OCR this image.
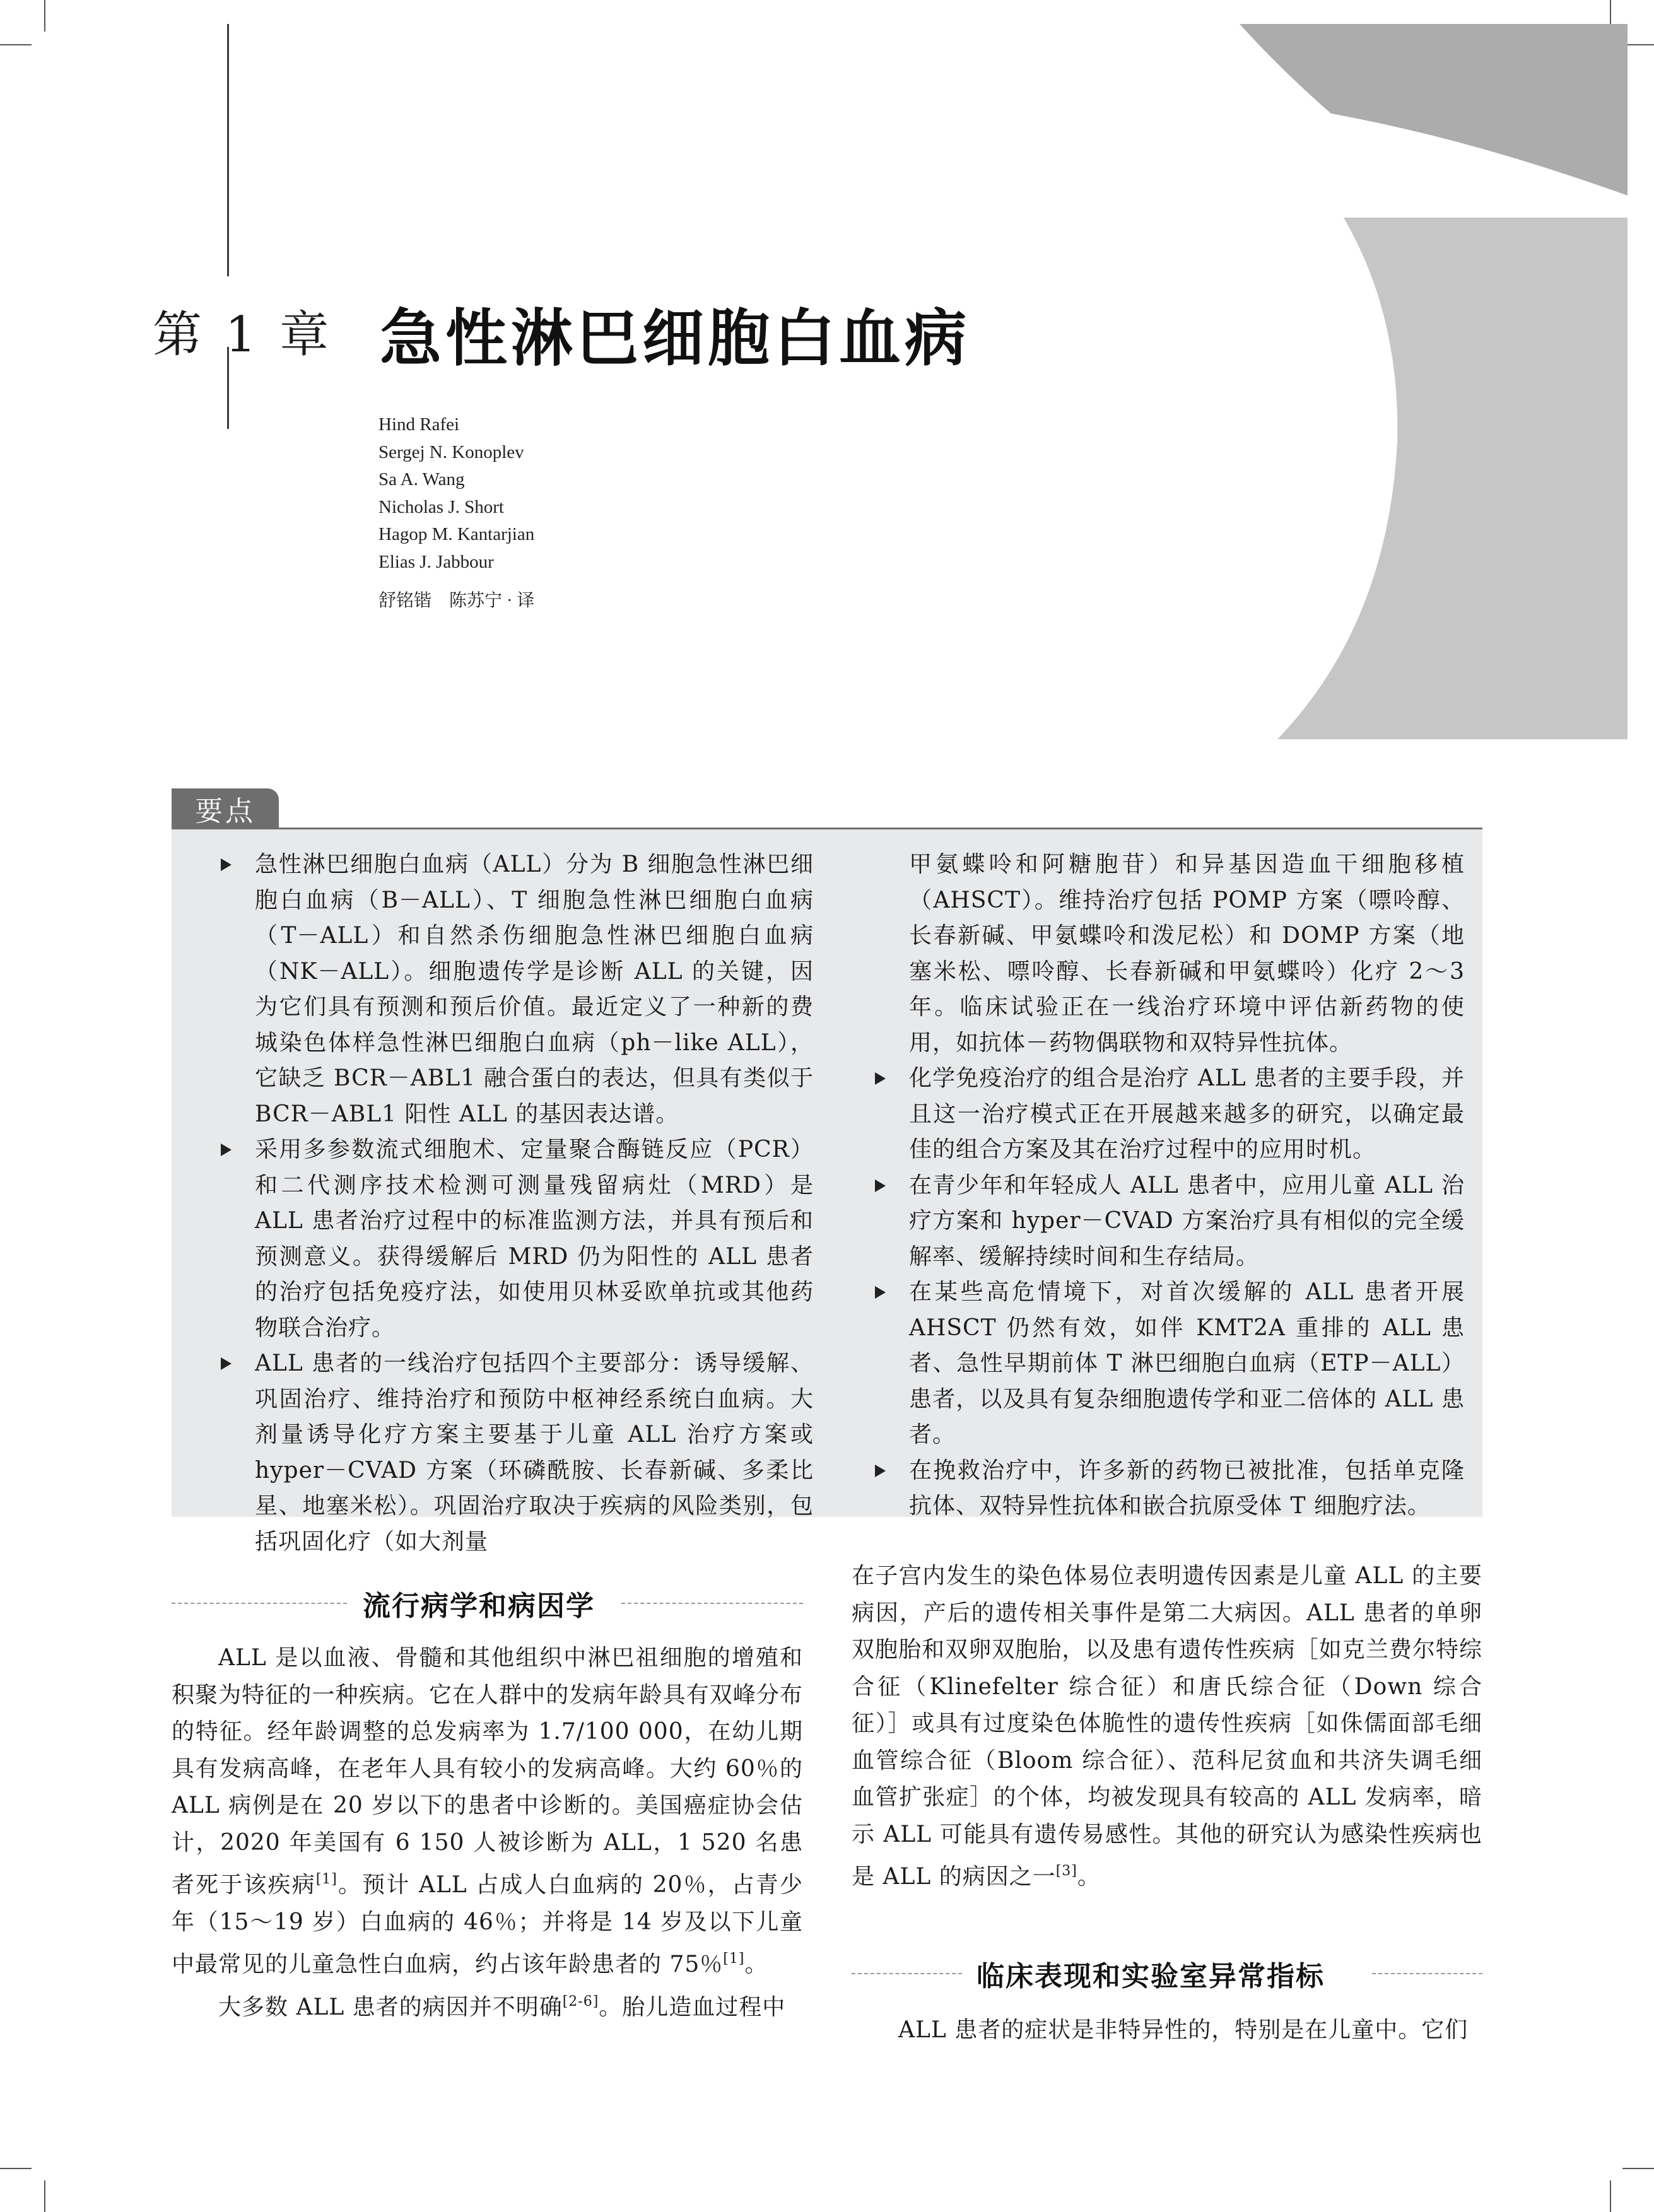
第 1 章 急性淋巴细胞白血病
Hind Rafei
Sergej N. Konoplev
Sa A. Wang
Nicholas J. Short
Hagop M. Kantarjian
Elias J. Jabbour
舒铭锴　陈苏宁 · 译
要点
急性淋巴细胞白血病（ALL）分为 B 细胞急性淋巴细胞白血病（B－ALL）、T 细胞急性淋巴细胞白血病（T－ALL）和自然杀伤细胞急性淋巴细胞白血病（NK－ALL）。细胞遗传学是诊断 ALL 的关键，因为它们具有预测和预后价值。最近定义了一种新的费城染色体样急性淋巴细胞白血病（ph－like ALL），它缺乏 BCR－ABL1 融合蛋白的表达，但具有类似于 BCR－ABL1 阳性 ALL 的基因表达谱。
采用多参数流式细胞术、定量聚合酶链反应（PCR）和二代测序技术检测可测量残留病灶（MRD）是 ALL 患者治疗过程中的标准监测方法，并具有预后和预测意义。获得缓解后 MRD 仍为阳性的 ALL 患者的治疗包括免疫疗法，如使用贝林妥欧单抗或其他药物联合治疗。
ALL 患者的一线治疗包括四个主要部分：诱导缓解、巩固治疗、维持治疗和预防中枢神经系统白血病。大剂量诱导化疗方案主要基于儿童 ALL 治疗方案或 hyper－CVAD 方案（环磷酰胺、长春新碱、多柔比星、地塞米松）。巩固治疗取决于疾病的风险类别，包括巩固化疗（如大剂量
甲氨蝶呤和阿糖胞苷）和异基因造血干细胞移植（AHSCT）。维持治疗包括 POMP 方案（嘌呤醇、长春新碱、甲氨蝶呤和泼尼松）和 DOMP 方案（地塞米松、嘌呤醇、长春新碱和甲氨蝶呤）化疗 2～3 年。临床试验正在一线治疗环境中评估新药物的使用，如抗体－药物偶联物和双特异性抗体。
化学免疫治疗的组合是治疗 ALL 患者的主要手段，并且这一治疗模式正在开展越来越多的研究，以确定最佳的组合方案及其在治疗过程中的应用时机。
在青少年和年轻成人 ALL 患者中，应用儿童 ALL 治疗方案和 hyper－CVAD 方案治疗具有相似的完全缓解率、缓解持续时间和生存结局。
在某些高危情境下，对首次缓解的 ALL 患者开展 AHSCT 仍然有效，如伴 KMT2A 重排的 ALL 患者、急性早期前体 T 淋巴细胞白血病（ETP－ALL）患者，以及具有复杂细胞遗传学和亚二倍体的 ALL 患者。
在挽救治疗中，许多新的药物已被批准，包括单克隆抗体、双特异性抗体和嵌合抗原受体 T 细胞疗法。
流行病学和病因学

ALL 是以血液、骨髓和其他组织中淋巴祖细胞的增殖和积聚为特征的一种疾病。它在人群中的发病年龄具有双峰分布的特征。经年龄调整的总发病率为 1.7/100 000，在幼儿期具有发病高峰，在老年人具有较小的发病高峰。大约 60％的 ALL 病例是在 20 岁以下的患者中诊断的。美国癌症协会估计，2020 年美国有 6 150 人被诊断为 ALL，1 520 名患者死于该疾病[1]。预计 ALL 占成人白血病的 20％，占青少年（15～19 岁）白血病的 46％；并将是 14 岁及以下儿童中最常见的儿童急性白血病，约占该年龄患者的 75％[1]。

大多数 ALL 患者的病因并不明确[2-6]。胎儿造血过程中

在子宫内发生的染色体易位表明遗传因素是儿童 ALL 的主要病因，产后的遗传相关事件是第二大病因。ALL 患者的单卵双胞胎和双卵双胞胎，以及患有遗传性疾病［如克兰费尔特综合征（Klinefelter 综合征）和唐氏综合征（Down 综合征）］或具有过度染色体脆性的遗传性疾病［如侏儒面部毛细血管综合征（Bloom 综合征）、范科尼贫血和共济失调毛细血管扩张症］的个体，均被发现具有较高的 ALL 发病率，暗示 ALL 可能具有遗传易感性。其他的研究认为感染性疾病也是 ALL 的病因之一[3]。

临床表现和实验室异常指标

ALL 患者的症状是非特异性的，特别是在儿童中。它们
